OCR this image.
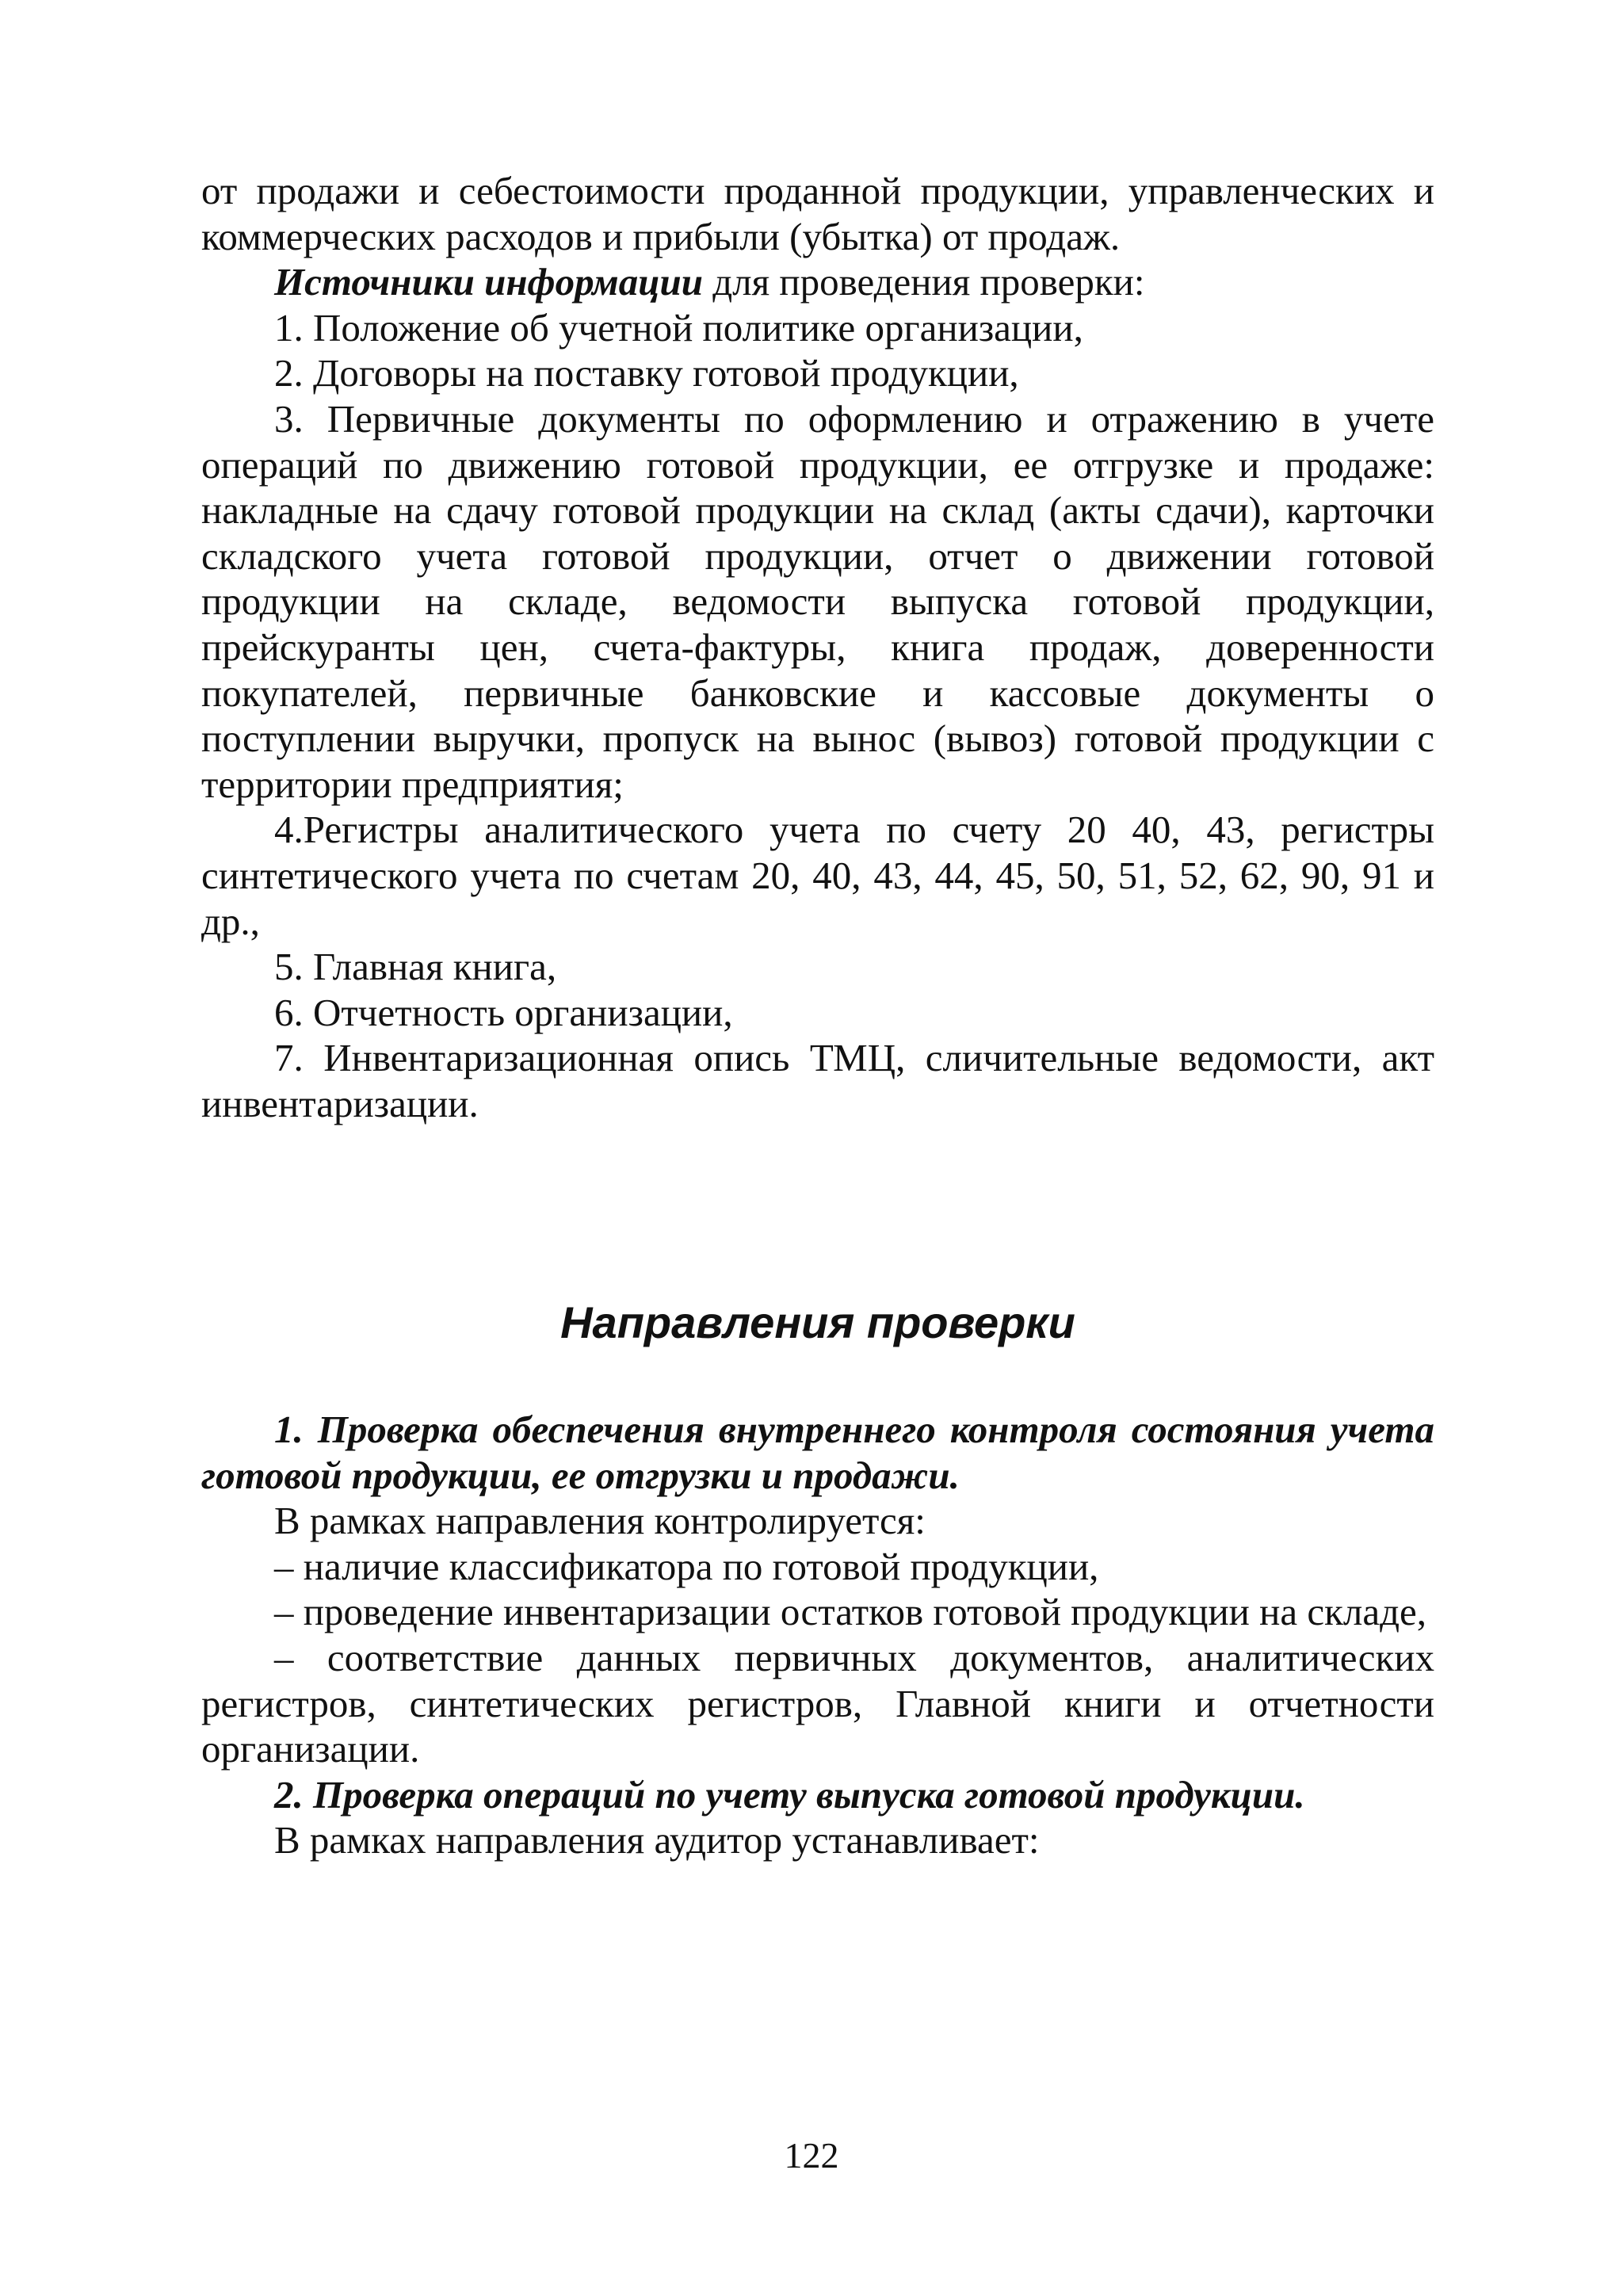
от продажи и себестоимости проданной продукции, управленческих и коммерческих расходов и прибыли (убытка) от продаж.

Источники информации для проведения проверки:

1. Положение об учетной политике организации,

2. Договоры на поставку готовой продукции,

3. Первичные документы по оформлению и отражению в учете операций по движению готовой продукции, ее отгрузке и продаже: накладные на сдачу готовой продукции на склад (акты сдачи), карточки складского учета готовой продукции, отчет о движении готовой продукции на складе, ведомости выпуска готовой продукции, прейскуранты цен, счета-фактуры, книга продаж, доверенности покупателей, первичные банковские и кассовые документы о поступлении выручки, пропуск на вынос (вывоз) готовой продукции с территории предприятия;

4.Регистры аналитического учета по счету 20 40, 43, регистры синтетического учета по счетам 20, 40, 43, 44, 45, 50, 51, 52, 62, 90, 91 и др.,

5. Главная книга,

6. Отчетность организации,

7. Инвентаризационная опись ТМЦ, сличительные ведомости, акт инвентаризации.

Направления проверки

1. Проверка обеспечения внутреннего контроля состояния учета готовой продукции, ее отгрузки и продажи.

В рамках направления контролируется:

– наличие классификатора по готовой продукции,

– проведение инвентаризации остатков готовой продукции на складе,

– соответствие данных первичных документов, аналитических регистров, синтетических регистров, Главной книги и отчетности организации.

2. Проверка операций по учету выпуска готовой продукции.

В рамках направления аудитор устанавливает:

122
